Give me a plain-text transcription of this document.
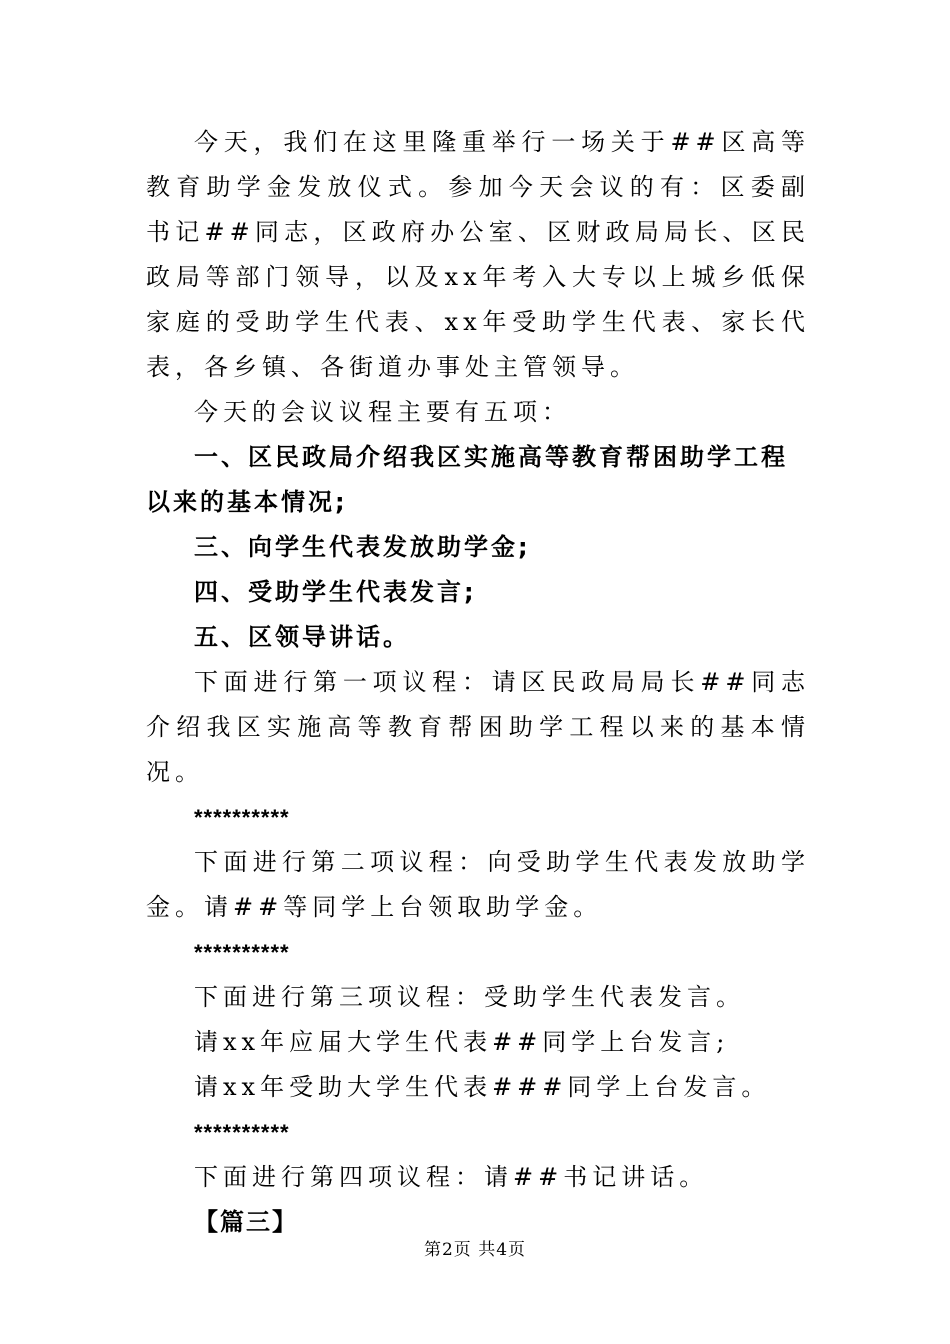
今天，我们在这里隆重举行一场关于##区高等教育助学金发放仪式。参加今天会议的有：区委副书记##同志，区政府办公室、区财政局局长、区民政局等部门领导，以及xx年考入大专以上城乡低保家庭的受助学生代表、xx年受助学生代表、家长代表，各乡镇、各街道办事处主管领导。

今天的会议议程主要有五项：

一、区民政局介绍我区实施高等教育帮困助学工程以来的基本情况;

三、向学生代表发放助学金;

四、受助学生代表发言;

五、区领导讲话。

下面进行第一项议程：请区民政局局长##同志介绍我区实施高等教育帮困助学工程以来的基本情况。

**********

下面进行第二项议程：向受助学生代表发放助学金。请##等同学上台领取助学金。

**********

下面进行第三项议程：受助学生代表发言。

请xx年应届大学生代表##同学上台发言;

请xx年受助大学生代表###同学上台发言。

**********

下面进行第四项议程：请##书记讲话。

【篇三】

第2页 共4页
